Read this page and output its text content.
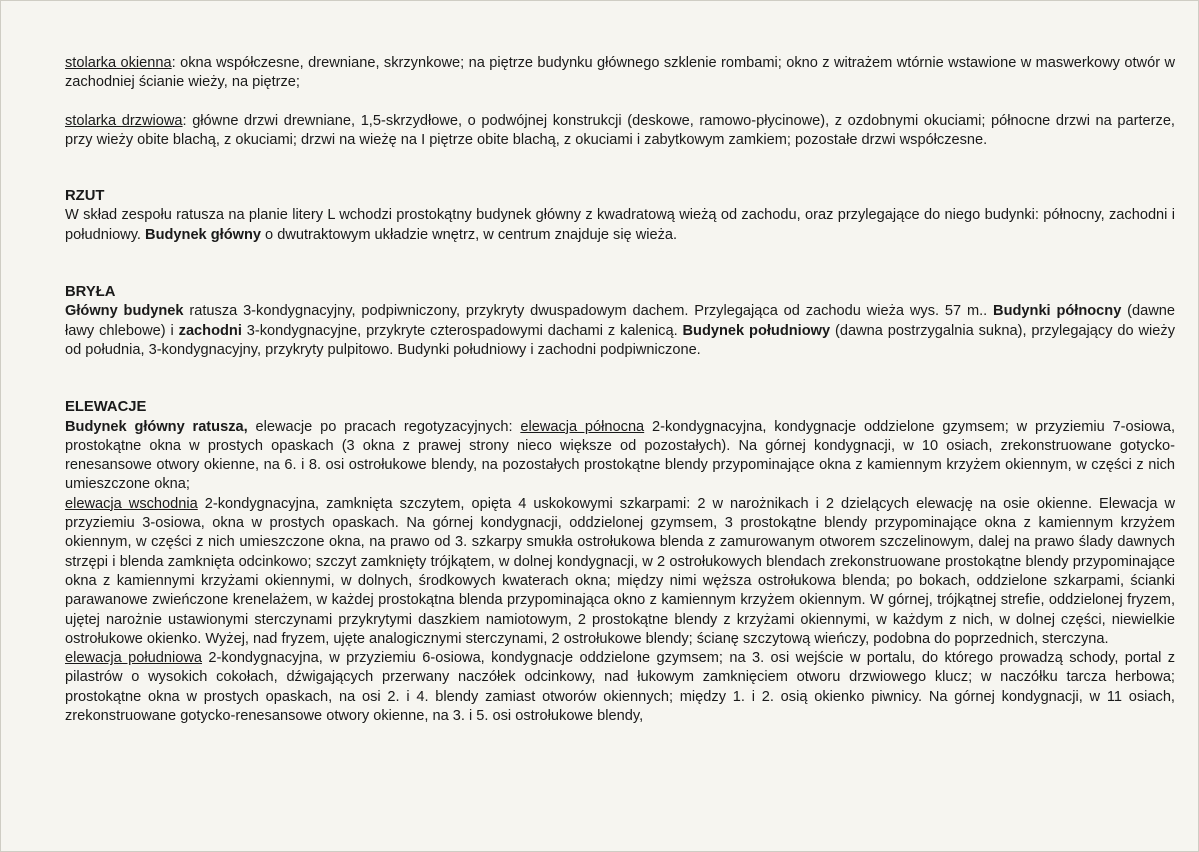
stolarka okienna: okna współczesne, drewniane, skrzynkowe; na piętrze budynku głównego szklenie rombami; okno z witrażem wtórnie wstawione w maswerkowy otwór w zachodniej ścianie wieży, na piętrze;

stolarka drzwiowa: główne drzwi drewniane, 1,5-skrzydłowe, o podwójnej konstrukcji (deskowe, ramowo-płycinowe), z ozdobnymi okuciami; północne drzwi na parterze, przy wieży obite blachą, z okuciami; drzwi na wieżę na I piętrze obite blachą, z okuciami i zabytkowym zamkiem; pozostałe drzwi współczesne.

RZUT

W skład zespołu ratusza na planie litery L wchodzi prostokątny budynek główny z kwadratową wieżą od zachodu, oraz przylegające do niego budynki: północny, zachodni i południowy. Budynek główny o dwutraktowym układzie wnętrz, w centrum znajduje się wieża.

BRYŁA

Główny budynek ratusza 3-kondygnacyjny, podpiwniczony, przykryty dwuspadowym dachem. Przylegająca od zachodu wieża wys. 57 m.. Budynki północny (dawne ławy chlebowe) i zachodni 3-kondygnacyjne, przykryte czterospadowymi dachami z kalenicą. Budynek południowy (dawna postrzygalnia sukna), przylegający do wieży od południa, 3-kondygnacyjny, przykryty pulpitowo. Budynki południowy i zachodni podpiwniczone.

ELEWACJE

Budynek główny ratusza, elewacje po pracach regotyzacyjnych: elewacja północna 2-kondygnacyjna, kondygnacje oddzielone gzymsem; w przyziemiu 7-osiowa, prostokątne okna w prostych opaskach (3 okna z prawej strony nieco większe od pozostałych). Na górnej kondygnacji, w 10 osiach, zrekonstruowane gotycko-renesansowe otwory okienne, na 6. i 8. osi ostrołukowe blendy, na pozostałych prostokątne blendy przypominające okna z kamiennym krzyżem okiennym, w części z nich umieszczone okna;

elewacja wschodnia 2-kondygnacyjna, zamknięta szczytem, opięta 4 uskokowymi szkarpami: 2 w narożnikach i 2 dzielących elewację na osie okienne. Elewacja w przyziemiu 3-osiowa, okna w prostych opaskach. Na górnej kondygnacji, oddzielonej gzymsem, 3 prostokątne blendy przypominające okna z kamiennym krzyżem okiennym, w części z nich umieszczone okna, na prawo od 3. szkarpy smukła ostrołukowa blenda z zamurowanym otworem szczelinowym, dalej na prawo ślady dawnych strzępi i blenda zamknięta odcinkowo; szczyt zamknięty trójkątem, w dolnej kondygnacji, w 2 ostrołukowych blendach zrekonstruowane prostokątne blendy przypominające okna z kamiennymi krzyżami okiennymi, w dolnych, środkowych kwaterach okna; między nimi węższa ostrołukowa blenda; po bokach, oddzielone szkarpami, ścianki parawanowe zwieńczone krenelażem, w każdej prostokątna blenda przypominająca okno z kamiennym krzyżem okiennym. W górnej, trójkątnej strefie, oddzielonej fryzem, ujętej narożnie ustawionymi sterczynami przykrytymi daszkiem namiotowym, 2 prostokątne blendy z krzyżami okiennymi, w każdym z nich, w dolnej części, niewielkie ostrołukowe okienko. Wyżej, nad fryzem, ujęte analogicznymi sterczynami, 2 ostrołukowe blendy; ścianę szczytową wieńczy, podobna do poprzednich, sterczyna.

elewacja południowa 2-kondygnacyjna, w przyziemiu 6-osiowa, kondygnacje oddzielone gzymsem; na 3. osi wejście w portalu, do którego prowadzą schody, portal z pilastrów o wysokich cokołach, dźwigających przerwany naczółek odcinkowy, nad łukowym zamknięciem otworu drzwiowego klucz; w naczółku tarcza herbowa; prostokątne okna w prostych opaskach, na osi 2. i 4. blendy zamiast otworów okiennych; między 1. i 2. osią okienko piwnicy. Na górnej kondygnacji, w 11 osiach, zrekonstruowane gotycko-renesansowe otwory okienne, na 3. i 5. osi ostrołukowe blendy,
